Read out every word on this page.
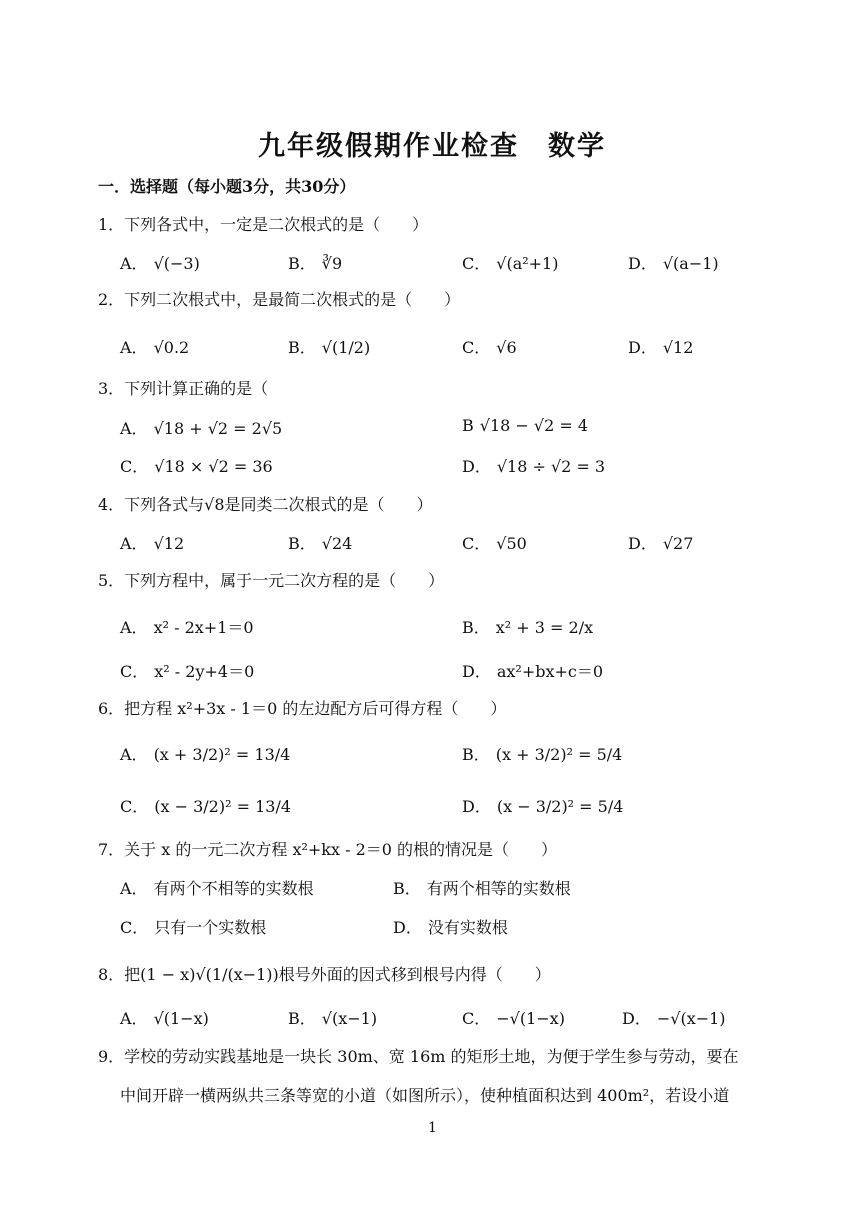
九年级假期作业检查　数学
一．选择题（每小题3分，共30分）
1．下列各式中，一定是二次根式的是（　　）
A． √(−3)	B． ∛9	C． √(a²+1)	D． √(a−1)
2．下列二次根式中，是最简二次根式的是（　　）
A． √0.2	B． √(1/2)	C． √6	D． √12
3．下列计算正确的是（
A． √18 + √2 = 2√5	B √18 − √2 = 4
C． √18 × √2 = 36	D． √18 ÷ √2 = 3
4．下列各式与√8是同类二次根式的是（　　）
A． √12	B． √24	C． √50	D． √27
5．下列方程中，属于一元二次方程的是（　　）
A． x² - 2x+1＝0	B． x² + 3 = 2/x
C． x² - 2y+4＝0	D． ax²+bx+c＝0
6．把方程 x²+3x - 1＝0 的左边配方后可得方程（　　）
A． (x + 3/2)² = 13/4	B． (x + 3/2)² = 5/4
C． (x − 3/2)² = 13/4	D． (x − 3/2)² = 5/4
7．关于 x 的一元二次方程 x²+kx - 2＝0 的根的情况是（　　）
A． 有两个不相等的实数根	B． 有两个相等的实数根
C． 只有一个实数根	D． 没有实数根
8．把(1 − x)√(1/(x−1))根号外面的因式移到根号内得（　　）
A． √(1−x)	B． √(x−1)	C． −√(1−x)	D． −√(x−1)
9．学校的劳动实践基地是一块长 30m、宽 16m 的矩形土地，为便于学生参与劳动，要在
中间开辟一横两纵共三条等宽的小道（如图所示），使种植面积达到 400m²，若设小道
1
